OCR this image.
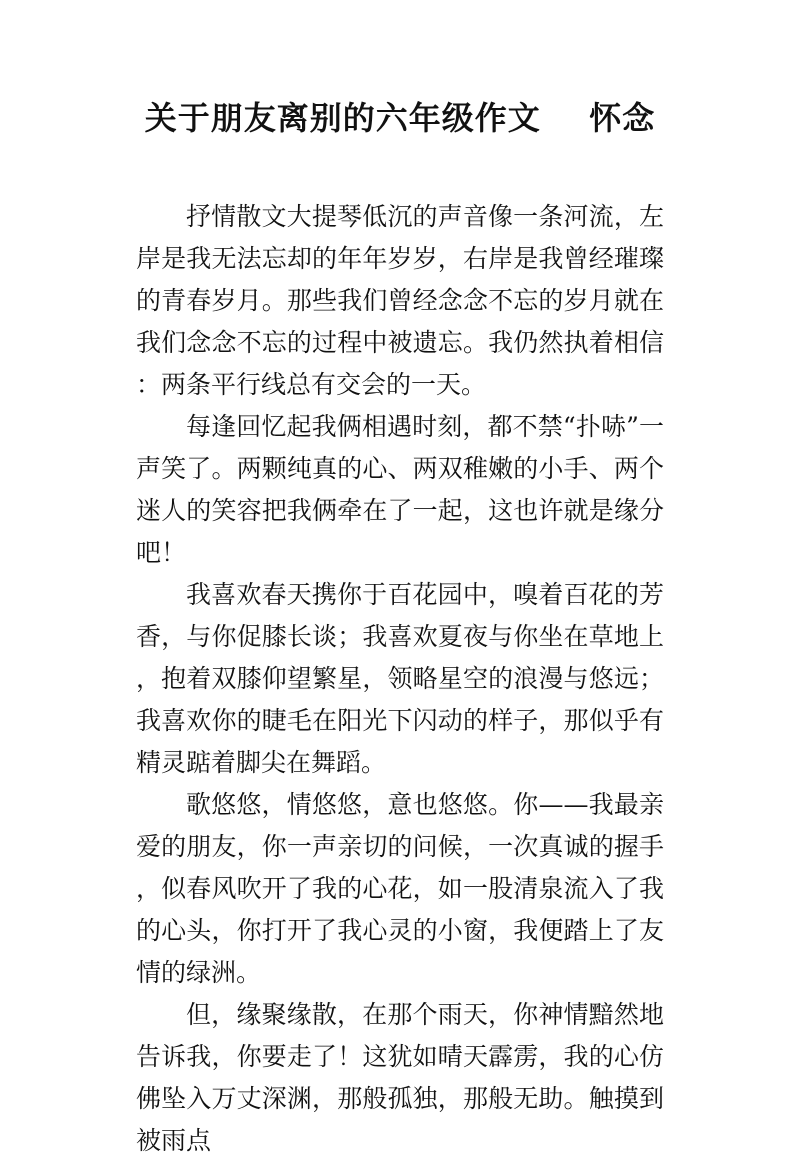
关于朋友离别的六年级作文    怀念

抒情散文大提琴低沉的声音像一条河流，左岸是我无法忘却的年年岁岁，右岸是我曾经璀璨的青春岁月。那些我们曾经念念不忘的岁月就在我们念念不忘的过程中被遗忘。我仍然执着相信：两条平行线总有交会的一天。

每逢回忆起我俩相遇时刻，都不禁“扑哧”一声笑了。两颗纯真的心、两双稚嫩的小手、两个迷人的笑容把我俩牵在了一起，这也许就是缘分吧！

我喜欢春天携你于百花园中，嗅着百花的芳香，与你促膝长谈；我喜欢夏夜与你坐在草地上，抱着双膝仰望繁星，领略星空的浪漫与悠远；我喜欢你的睫毛在阳光下闪动的样子，那似乎有精灵踮着脚尖在舞蹈。

歌悠悠，情悠悠，意也悠悠。你——我最亲爱的朋友，你一声亲切的问候，一次真诚的握手，似春风吹开了我的心花，如一股清泉流入了我的心头，你打开了我心灵的小窗，我便踏上了友情的绿洲。

但，缘聚缘散，在那个雨天，你神情黯然地告诉我，你要走了！这犹如晴天霹雳，我的心仿佛坠入万丈深渊，那般孤独，那般无助。触摸到被雨点
